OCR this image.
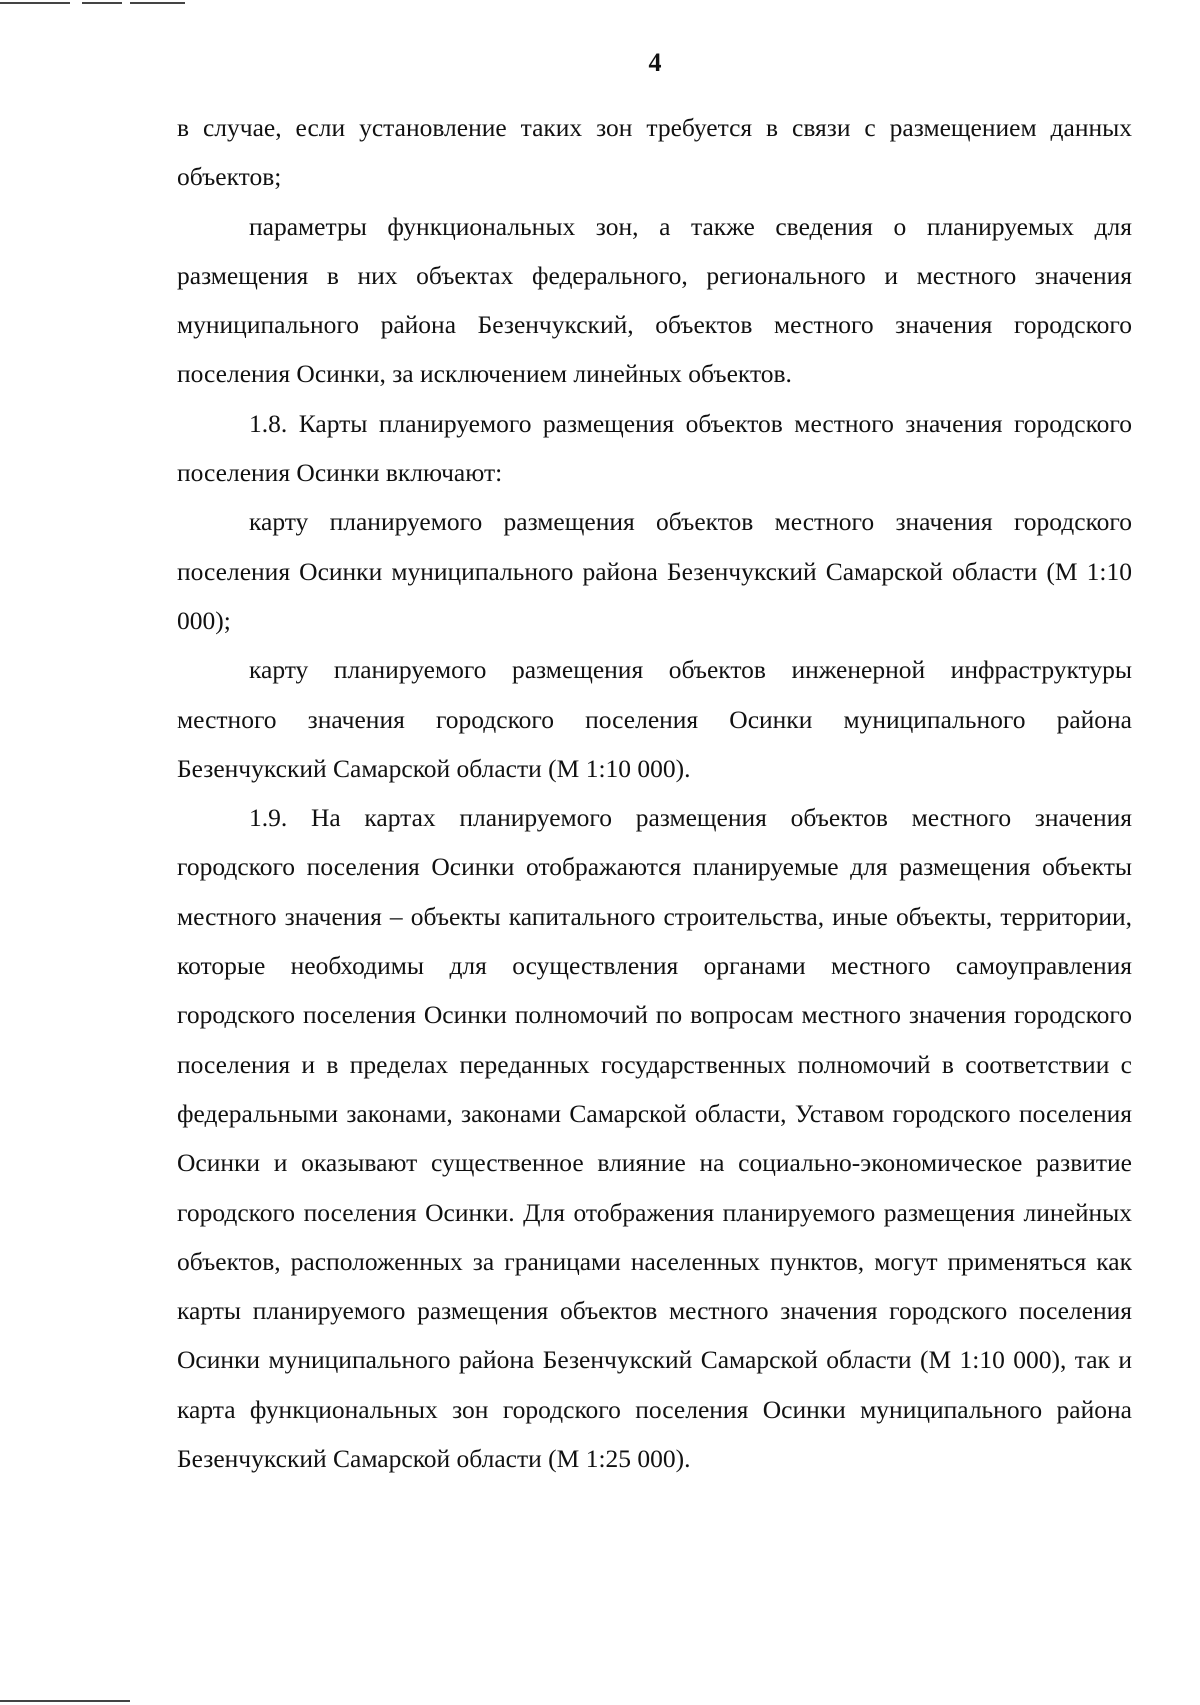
4

в случае, если установление таких зон требуется в связи с размещением данных объектов;

параметры функциональных зон, а также сведения о планируемых для размещения в них объектах федерального, регионального и местного значения муниципального района Безенчукский, объектов местного значения городского поселения Осинки, за исключением линейных объектов.

1.8. Карты планируемого размещения объектов местного значения городского поселения Осинки включают:

карту планируемого размещения объектов местного значения городского поселения Осинки муниципального района Безенчукский Самарской области (М 1:10 000);

карту планируемого размещения объектов инженерной инфраструктуры местного значения городского поселения Осинки муниципального района Безенчукский Самарской области (М 1:10 000).

1.9. На картах планируемого размещения объектов местного значения городского поселения Осинки отображаются планируемые для размещения объекты местного значения – объекты капитального строительства, иные объекты, территории, которые необходимы для осуществления органами местного самоуправления городского поселения Осинки полномочий по вопросам местного значения городского поселения и в пределах переданных государственных полномочий в соответствии с федеральными законами, законами Самарской области, Уставом городского поселения Осинки и оказывают существенное влияние на социально-экономическое развитие городского поселения Осинки. Для отображения планируемого размещения линейных объектов, расположенных за границами населенных пунктов, могут применяться как карты планируемого размещения объектов местного значения городского поселения Осинки муниципального района Безенчукский Самарской области (М 1:10 000), так и карта функциональных зон городского поселения Осинки муниципального района Безенчукский Самарской области (М 1:25 000).
